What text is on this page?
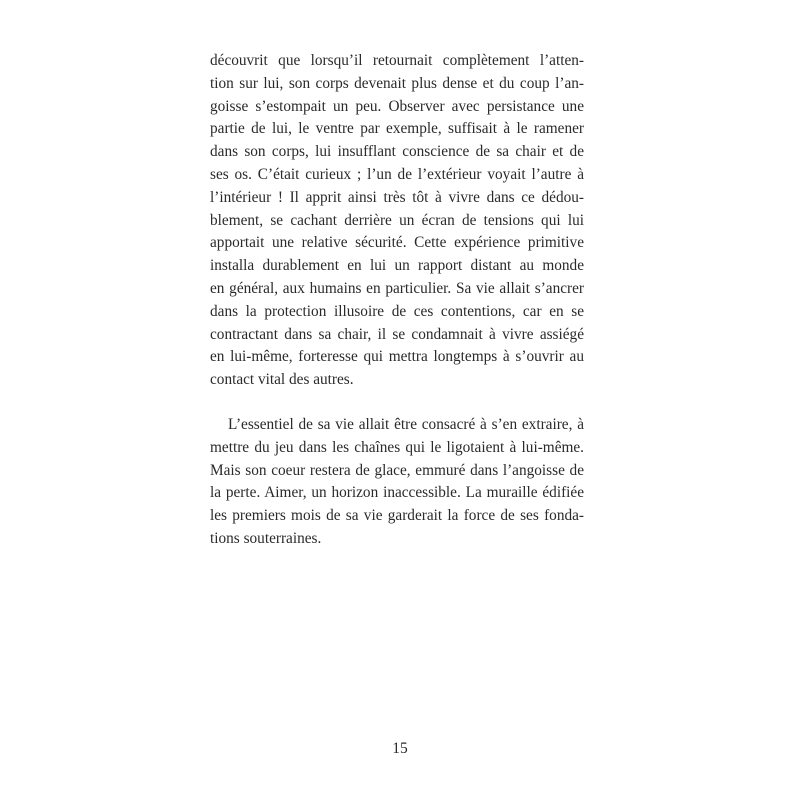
découvrit que lorsqu’il retournait complètement l’atten-
tion sur lui, son corps devenait plus dense et du coup l’an-
goisse s’estompait un peu. Observer avec persistance une
partie de lui, le ventre par exemple, suffisait à le ramener
dans son corps, lui insufflant conscience de sa chair et de
ses os. C’était curieux ; l’un de l’extérieur voyait l’autre à
l’intérieur ! Il apprit ainsi très tôt à vivre dans ce dédou-
blement, se cachant derrière un écran de tensions qui lui
apportait une relative sécurité. Cette expérience primitive
installa durablement en lui un rapport distant au monde
en général, aux humains en particulier. Sa vie allait s’ancrer
dans la protection illusoire de ces contentions, car en se
contractant dans sa chair, il se condamnait à vivre assiégé
en lui-même, forteresse qui mettra longtemps à s’ouvrir au
contact vital des autres.
L’essentiel de sa vie allait être consacré à s’en extraire, à
mettre du jeu dans les chaînes qui le ligotaient à lui-même.
Mais son coeur restera de glace, emmuré dans l’angoisse de
la perte. Aimer, un horizon inaccessible. La muraille édifiée
les premiers mois de sa vie garderait la force de ses fonda-
tions souterraines.
15
